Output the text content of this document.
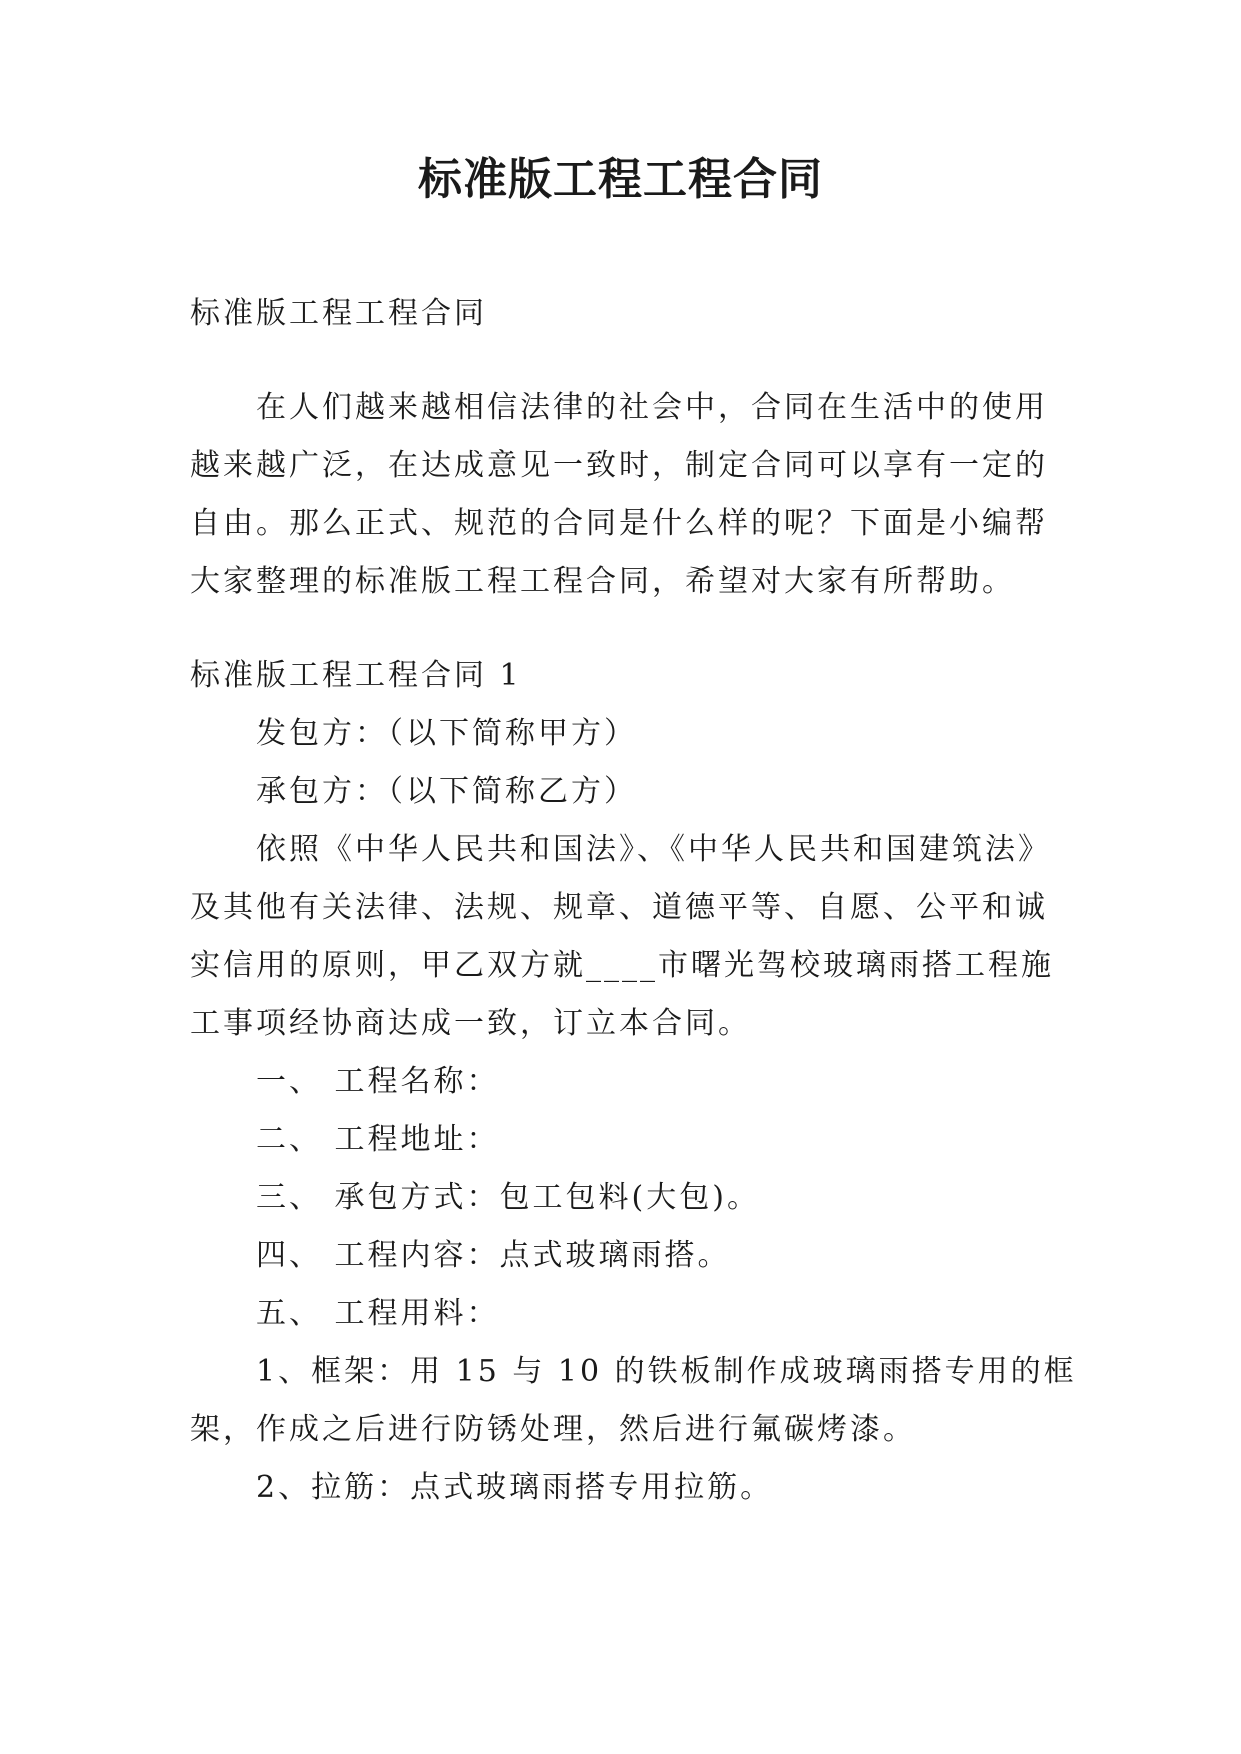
标准版工程工程合同
标准版工程工程合同
在人们越来越相信法律的社会中，合同在生活中的使用
越来越广泛，在达成意见一致时，制定合同可以享有一定的
自由。那么正式、规范的合同是什么样的呢？下面是小编帮
大家整理的标准版工程工程合同，希望对大家有所帮助。
标准版工程工程合同 1
发包方：（以下简称甲方）
承包方：（以下简称乙方）
依照《中华人民共和国法》、《中华人民共和国建筑法》
及其他有关法律、法规、规章、道德平等、自愿、公平和诚
实信用的原则，甲乙双方就____市曙光驾校玻璃雨搭工程施
工事项经协商达成一致，订立本合同。
一、 工程名称：
二、 工程地址：
三、 承包方式：包工包料(大包)。
四、 工程内容：点式玻璃雨搭。
五、 工程用料：
1、框架：用 15 与 10 的铁板制作成玻璃雨搭专用的框
架，作成之后进行防锈处理，然后进行氟碳烤漆。
2、拉筋：点式玻璃雨搭专用拉筋。
